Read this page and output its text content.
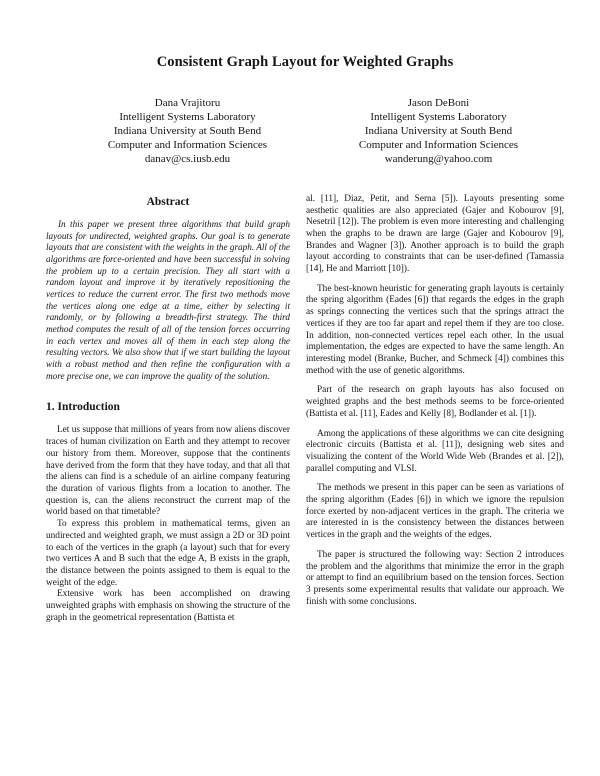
Consistent Graph Layout for Weighted Graphs
Dana Vrajitoru
Intelligent Systems Laboratory
Indiana University at South Bend
Computer and Information Sciences
danav@cs.iusb.edu
Jason DeBoni
Intelligent Systems Laboratory
Indiana University at South Bend
Computer and Information Sciences
wanderung@yahoo.com
Abstract

In this paper we present three algorithms that build graph layouts for undirected, weighted graphs. Our goal is to generate layouts that are consistent with the weights in the graph. All of the algorithms are force-oriented and have been successful in solving the problem up to a certain precision. They all start with a random layout and improve it by iteratively repositioning the vertices to reduce the current error. The first two methods move the vertices along one edge at a time, either by selecting it randomly, or by following a breadth-first strategy. The third method computes the result of all of the tension forces occurring in each vertex and moves all of them in each step along the resulting vectors. We also show that if we start building the layout with a robust method and then refine the configuration with a more precise one, we can improve the quality of the solution.

1. Introduction

Let us suppose that millions of years from now aliens discover traces of human civilization on Earth and they attempt to recover our history from them. Moreover, suppose that the continents have derived from the form that they have today, and that all that the aliens can find is a schedule of an airline company featuring the duration of various flights from a location to another. The question is, can the aliens reconstruct the current map of the world based on that timetable?

To express this problem in mathematical terms, given an undirected and weighted graph, we must assign a 2D or 3D point to each of the vertices in the graph (a layout) such that for every two vertices A and B such that the edge A, B exists in the graph, the distance between the points assigned to them is equal to the weight of the edge.

Extensive work has been accomplished on drawing unweighted graphs with emphasis on showing the structure of the graph in the geometrical representation (Battista et

al. [11], Diaz, Petit, and Serna [5]). Layouts presenting some aesthetic qualities are also appreciated (Gajer and Kobourov [9], Nesetril [12]). The problem is even more interesting and challenging when the graphs to be drawn are large (Gajer and Kobourov [9], Brandes and Wagner [3]). Another approach is to build the graph layout according to constraints that can be user-defined (Tamassia [14], He and Marriott [10]).

The best-known heuristic for generating graph layouts is certainly the spring algorithm (Eades [6]) that regards the edges in the graph as springs connecting the vertices such that the springs attract the vertices if they are too far apart and repel them if they are too close. In addition, non-connected vertices repel each other. In the usual implementation, the edges are expected to have the same length. An interesting model (Branke, Bucher, and Schmeck [4]) combines this method with the use of genetic algorithms.

Part of the research on graph layouts has also focused on weighted graphs and the best methods seems to be force-oriented (Battista et al. [11], Eades and Kelly [8], Bodlander et al. [1]).

Among the applications of these algorithms we can cite designing electronic circuits (Battista et al. [11]), designing web sites and visualizing the content of the World Wide Web (Brandes et al. [2]), parallel computing and VLSI.

The methods we present in this paper can be seen as variations of the spring algorithm (Eades [6]) in which we ignore the repulsion force exerted by non-adjacent vertices in the graph. The criteria we are interested in is the consistency between the distances between vertices in the graph and the weights of the edges.

The paper is structured the following way: Section 2 introduces the problem and the algorithms that minimize the error in the graph or attempt to find an equilibrium based on the tension forces. Section 3 presents some experimental results that validate our approach. We finish with some conclusions.
